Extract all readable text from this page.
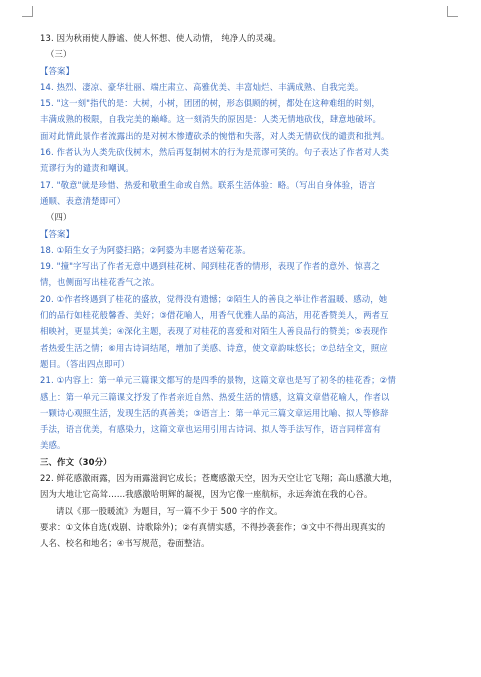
13. 因为秋雨使人静谧、使人怀想、使人动情， 纯净人的灵魂。
（三）
【答案】
14. 热烈、凄凉、豪华壮丽、端庄肃立、高雅优美、丰富灿烂、丰满成熟、自我完美。
15. "这一刻"指代的是：大树，小树，团团的树，形态俱顾的树，都处在这种难组的时刻，
丰满成熟的极限，自我完美的巅峰。这一刻消失的原因是：人类无情地砍伐，肆意地破坏。
面对此情此景作者流露出的是对树木惨遭砍杀的惋惜和失落，对人类无情砍伐的谴责和批判。
16. 作者认为人类先砍伐树木，然后再复制树木的行为是荒谬可笑的。句子表达了作者对人类
荒谬行为的谴责和嘲讽。
17. "敬意"就是珍惜、热爱和敬重生命或自然。联系生活体验：略。（写出自身体验，语言
通顺、表意清楚即可）
（四）
【答案】
18. ①陌生女子为阿婆扫路；②阿婆为丰愿者送菊花茶。
19. "撞"字写出了作者无意中遇到桂花树、闻到桂花香的情形，表现了作者的意外、惊喜之
情，也侧面写出桂花香气之浓。
20. ①作者终遇到了桂花的盛放，觉得没有遗憾；②陌生人的善良之举让作者温暖、感动，她
们的品行如桂花般馨香、美好；③借花喻人，用香气优雅人品的高洁，用花香赞美人，两者互
相映衬，更显其美；④深化主题，表现了对桂花的喜爱和对陌生人善良品行的赞美；⑤表现作
者热爱生活之情；⑥用古诗词结尾，增加了美感、诗意，使文章韵味悠长；⑦总结全文，照应
题目。（答出四点即可）
21. ①内容上：第一单元三篇课文都写的是四季的景物，这篇文章也是写了初冬的桂花香；②情
感上：第一单元三篇课文抒发了作者亲近自然、热爱生活的情感，这篇文章借花喻人，作者以
一颗诗心观照生活，发现生活的真善美；③语言上：第一单元三篇文章运用比喻、拟人等修辞
手法，语言优美，有感染力，这篇文章也运用引用古诗词、拟人等手法写作，语言同样富有
美感。
三、作文（30分）
22. 鲜花感激雨露，因为雨露滋润它成长；苍鹰感激天空，因为天空让它飞翔；高山感激大地，
因为大地让它高耸……我感激哈明辉的凝视，因为它像一座航标，永远奔流在我的心谷。
请以《那一股暖流》为题目，写一篇不少于 500 字的作文。
要求：①文体自选(戏剧、诗歌除外)；②有真情实感，不得抄袭套作；③文中不得出现真实的
人名、校名和地名；④书写规范，卷面整洁。
